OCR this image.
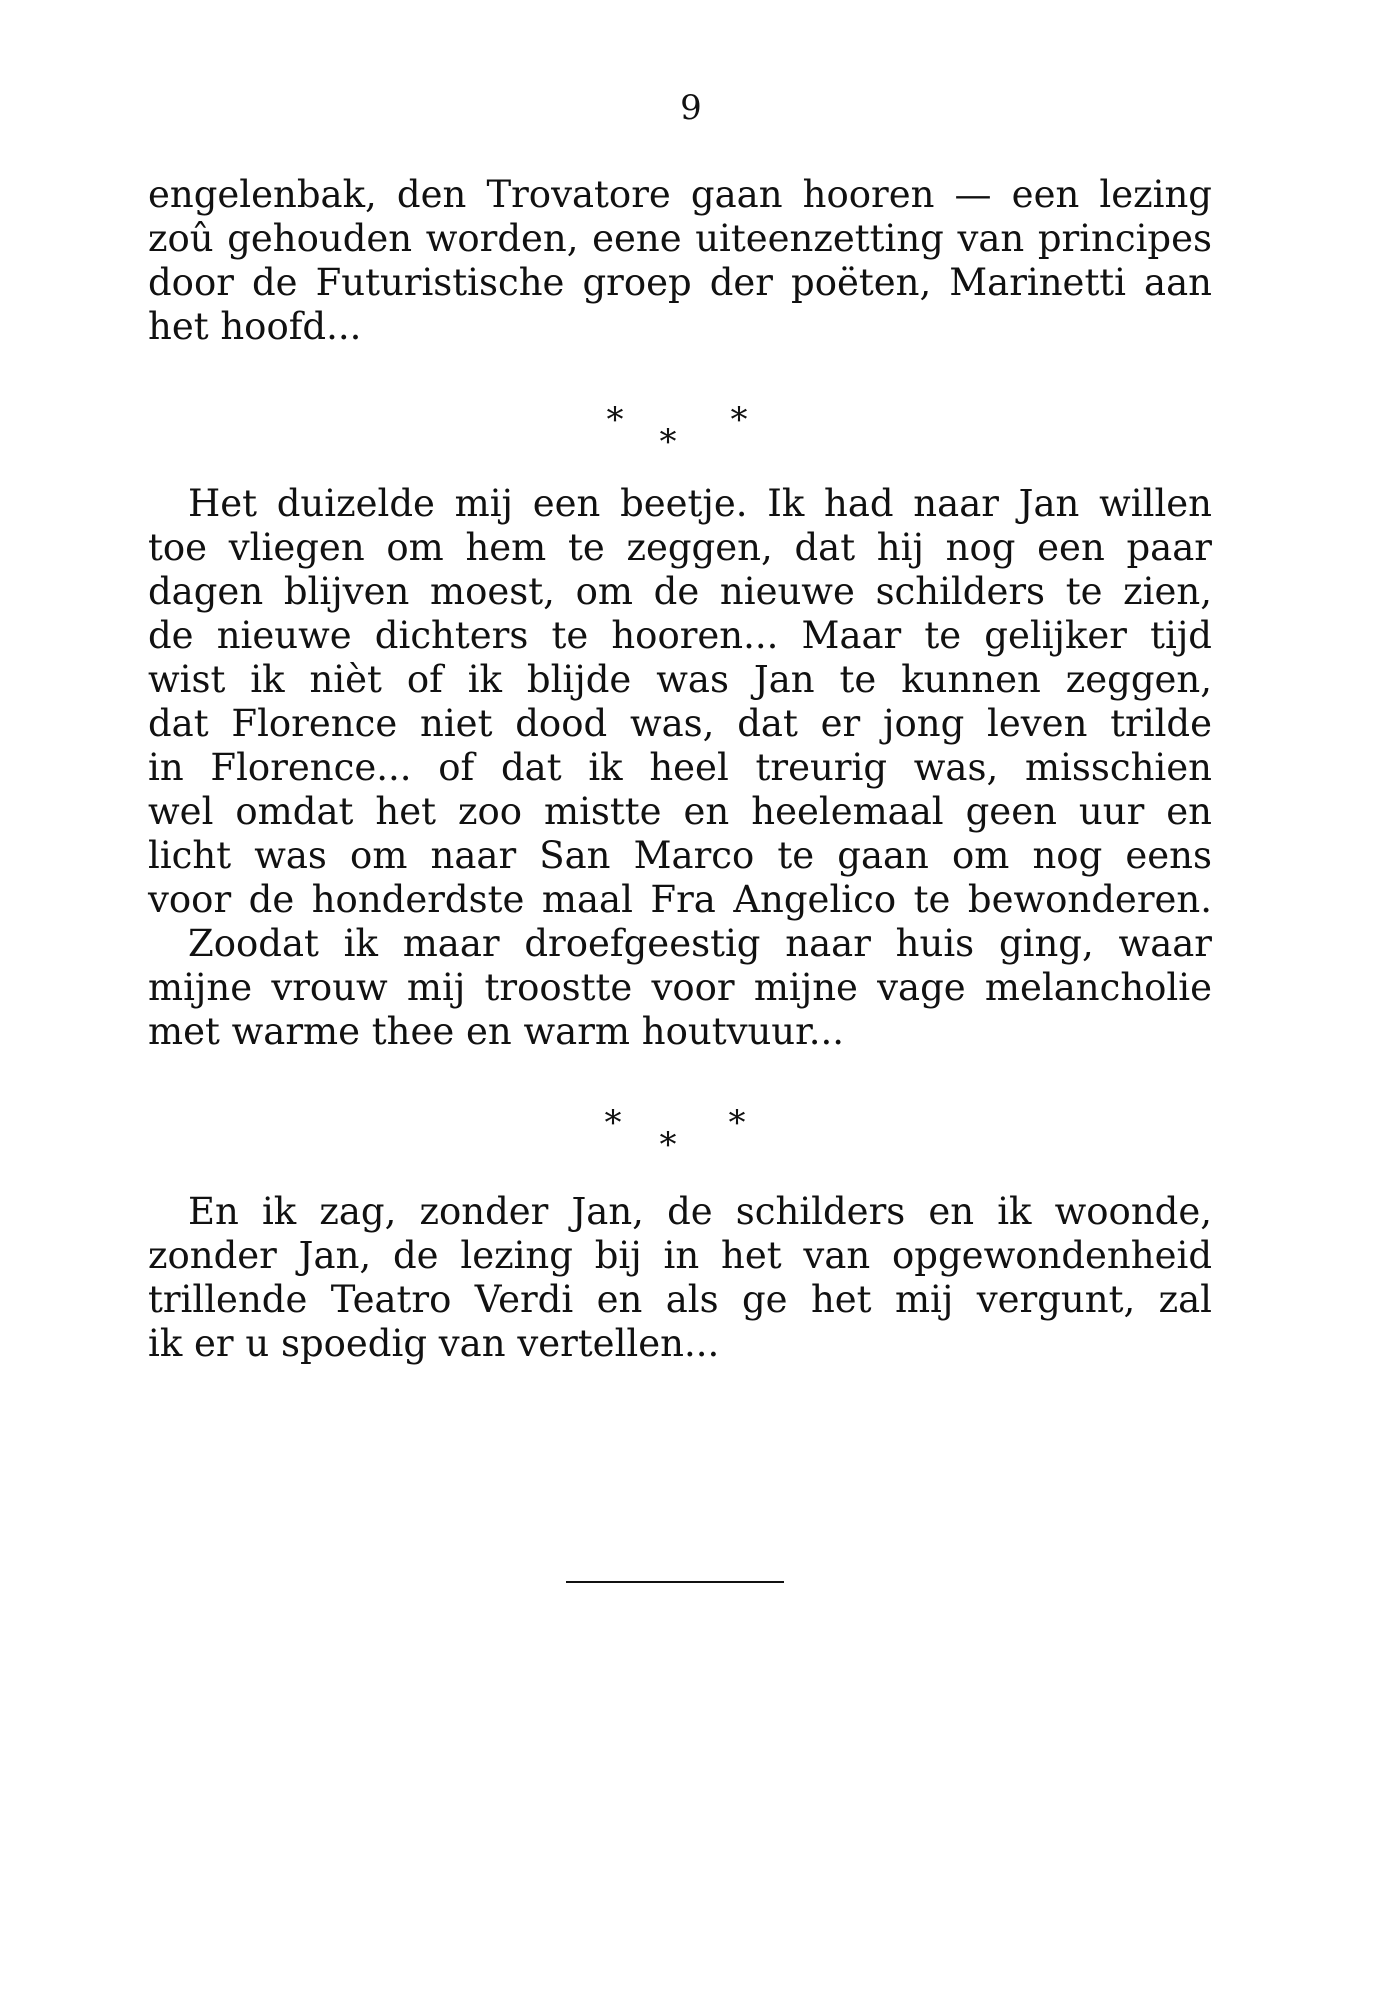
9
engelenbak, den Trovatore gaan hooren — een lezing
zoû gehouden worden, eene uiteenzetting van principes
door de Futuristische groep der poëten, Marinetti aan
het hoofd...
*
*
*
Het duizelde mij een beetje. Ik had naar Jan willen
toe vliegen om hem te zeggen, dat hij nog een paar
dagen blijven moest, om de nieuwe schilders te zien,
de nieuwe dichters te hooren... Maar te gelijker tijd
wist ik nièt of ik blijde was Jan te kunnen zeggen,
dat Florence niet dood was, dat er jong leven trilde
in Florence... of dat ik heel treurig was, misschien
wel omdat het zoo mistte en heelemaal geen uur en
licht was om naar San Marco te gaan om nog eens
voor de honderdste maal Fra Angelico te bewonderen.
Zoodat ik maar droefgeestig naar huis ging, waar
mijne vrouw mij troostte voor mijne vage melancholie
met warme thee en warm houtvuur...
*
*
*
En ik zag, zonder Jan, de schilders en ik woonde,
zonder Jan, de lezing bij in het van opgewondenheid
trillende Teatro Verdi en als ge het mij vergunt, zal
ik er u spoedig van vertellen...
